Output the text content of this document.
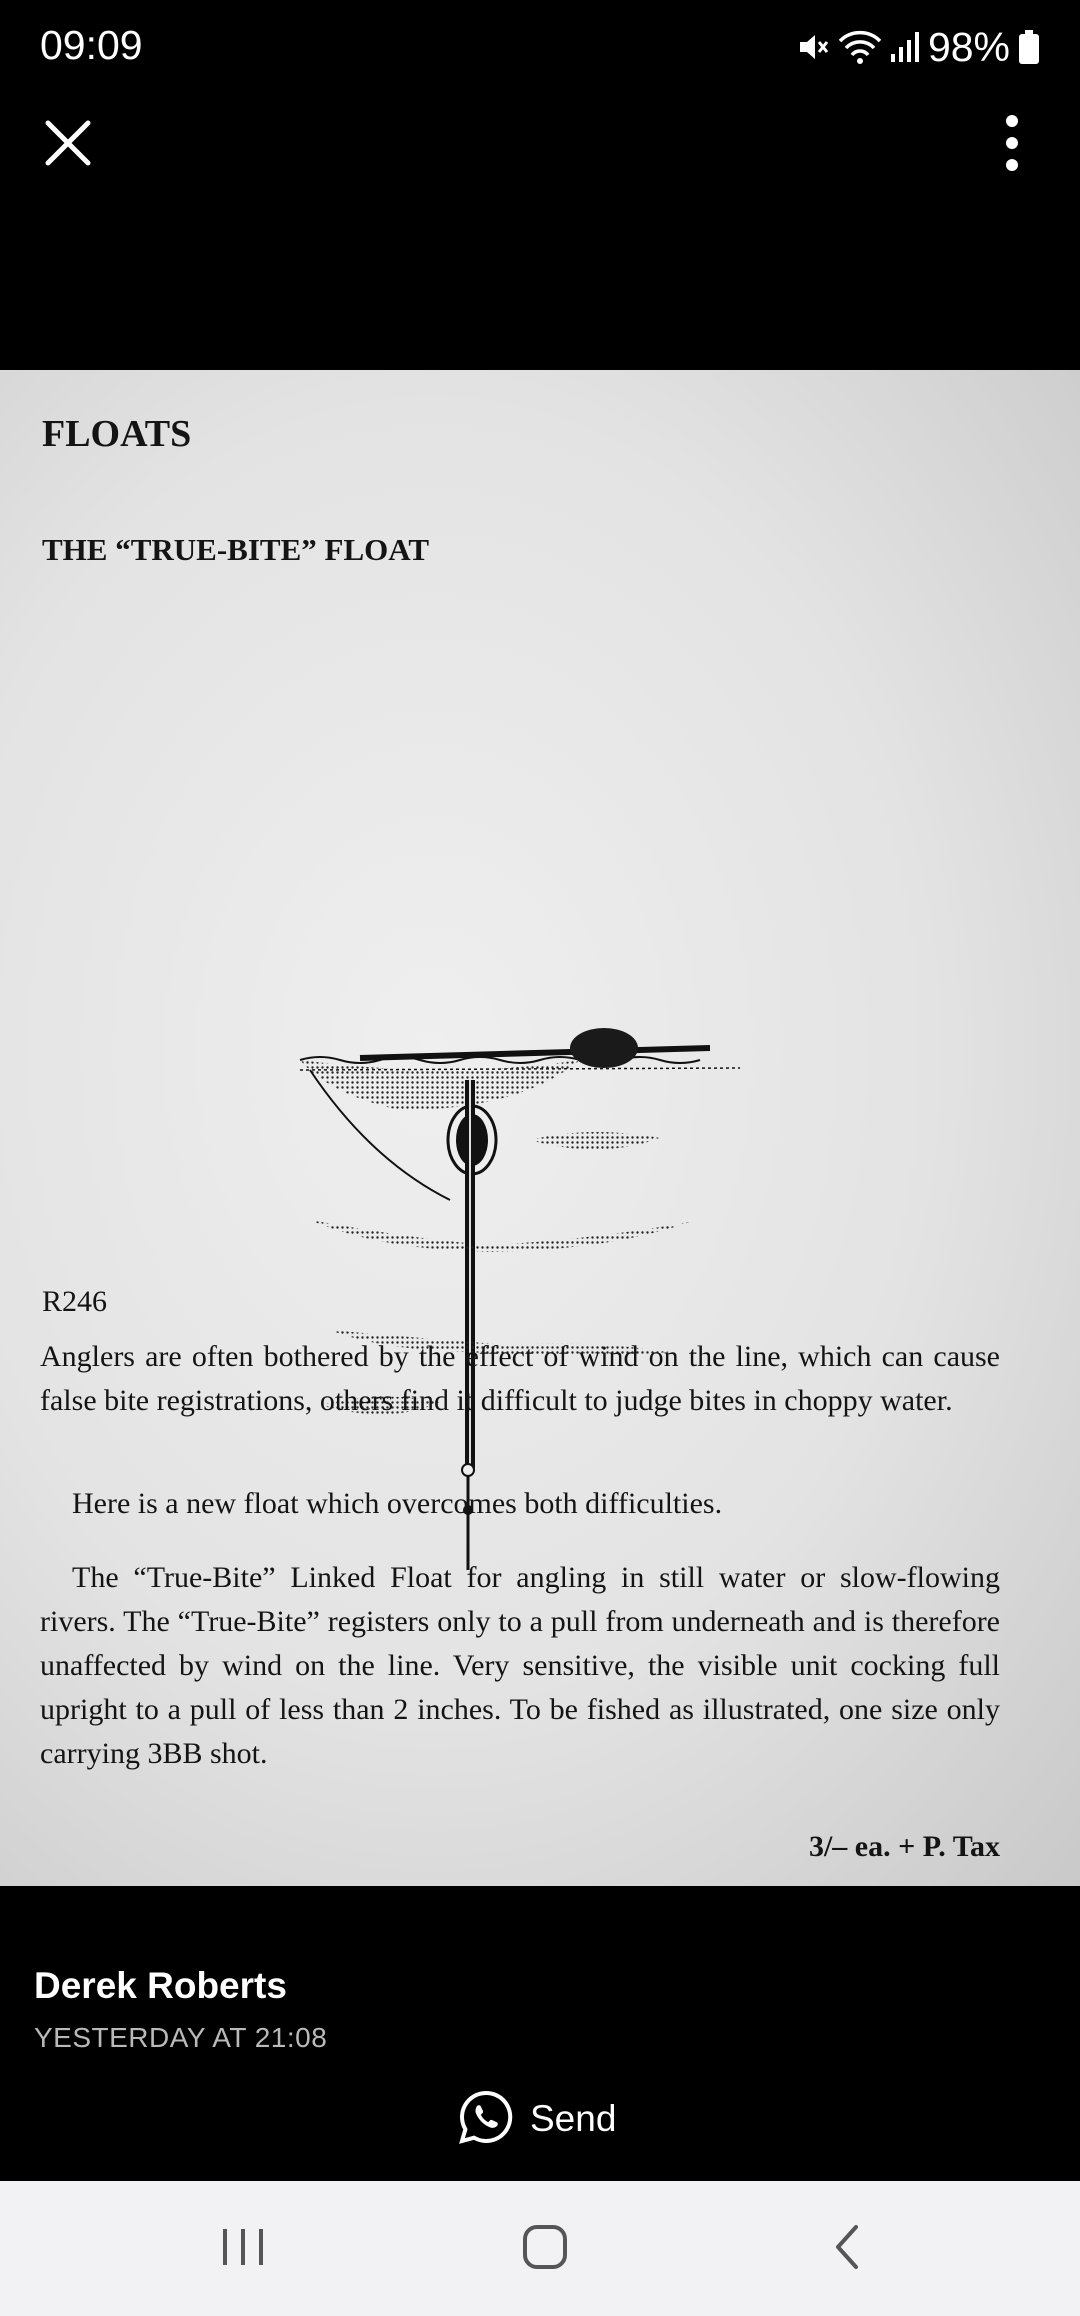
09:09	98%
FLOATS
THE “TRUE-BITE” FLOAT
R246

Anglers are often bothered by the effect of wind on the line, which can cause false bite registrations, others find it difficult to judge bites in choppy water.

Here is a new float which overcomes both difficulties.

The “True-Bite” Linked Float for angling in still water or slow-flowing rivers. The “True-Bite” registers only to a pull from underneath and is therefore unaffected by wind on the line. Very sensitive, the visible unit cocking full upright to a pull of less than 2 inches. To be fished as illustrated, one size only carrying 3BB shot.

3/– ea. + P. Tax
Derek Roberts
YESTERDAY AT 21:08
Send
